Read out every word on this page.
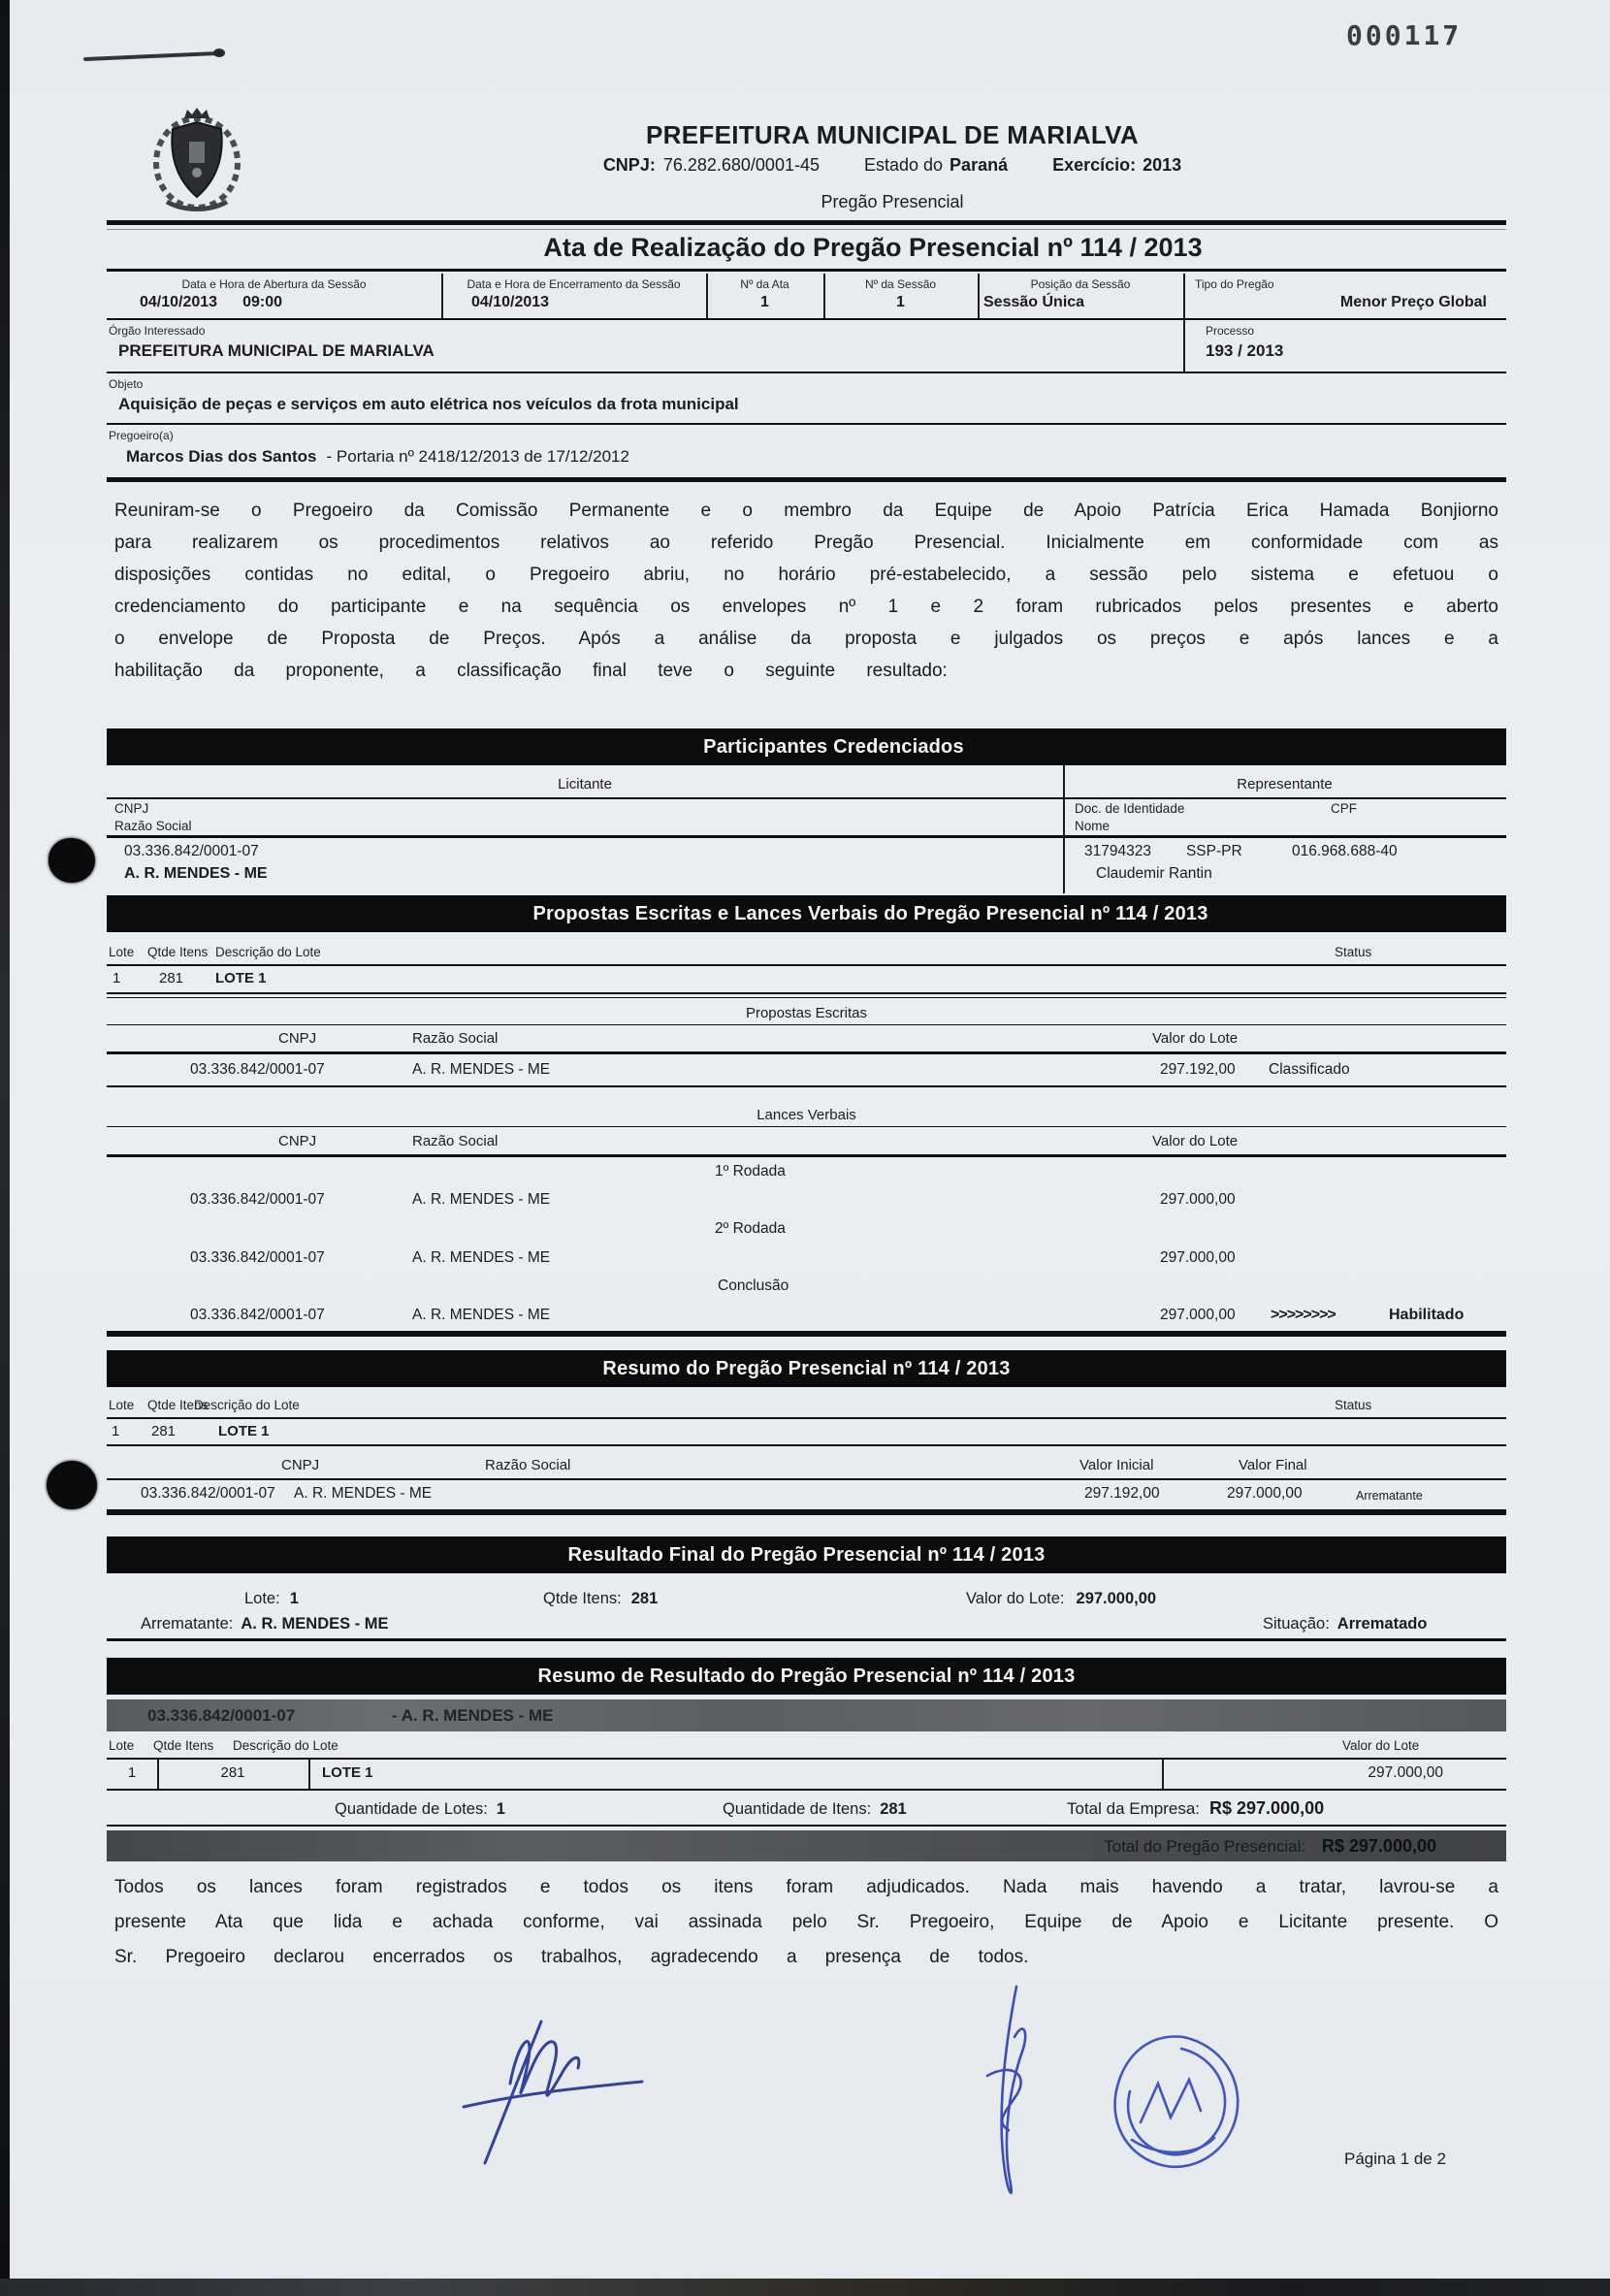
000117
PREFEITURA MUNICIPAL DE MARIALVA
CNPJ: 76.282.680/0001-45	Estado do Paraná	Exercício: 2013
Pregão Presencial
Ata de Realização do Pregão Presencial nº 114 / 2013
Data e Hora de Abertura da Sessão	Data e Hora de Encerramento da Sessão	Nº da Ata	Nº da Sessão	Posição da Sessão	Tipo do Pregão
04/10/2013 09:00	04/10/2013	1	1	Sessão Única	Menor Preço Global
Órgão Interessado
PREFEITURA MUNICIPAL DE MARIALVA
Processo
193 / 2013
Objeto
Aquisição de peças e serviços em auto elétrica nos veículos da frota municipal
Pregoeiro(a)
Marcos Dias dos Santos - Portaria nº 2418/12/2013 de 17/12/2012
Reuniram-se o Pregoeiro da Comissão Permanente e o membro da Equipe de Apoio Patrícia Erica Hamada Bonjiorno para realizarem os procedimentos relativos ao referido Pregão Presencial. Inicialmente em conformidade com as disposições contidas no edital, o Pregoeiro abriu, no horário pré-estabelecido, a sessão pelo sistema e efetuou o credenciamento do participante e na sequência os envelopes nº 1 e 2 foram rubricados pelos presentes e aberto o envelope de Proposta de Preços. Após a análise da proposta e julgados os preços e após lances e a habilitação da proponente, a classificação final teve o seguinte resultado:
Participantes Credenciados
Licitante	Representante
CNPJ
Razão Social
Doc. de Identidade	CPF
Nome
03.336.842/0001-07
A. R. MENDES - ME
31794323 SSP-PR	016.968.688-40
Claudemir Rantin
Propostas Escritas e Lances Verbais do Pregão Presencial nº 114 / 2013
Lote Qtde Itens Descrição do Lote	Status
1	281 LOTE 1
Propostas Escritas
CNPJ	Razão Social	Valor do Lote
03.336.842/0001-07	A. R. MENDES - ME	297.192,00 Classificado
Lances Verbais
CNPJ	Razão Social	Valor do Lote
1º Rodada
03.336.842/0001-07	A. R. MENDES - ME	297.000,00
2º Rodada
03.336.842/0001-07	A. R. MENDES - ME	297.000,00
Conclusão
03.336.842/0001-07	A. R. MENDES - ME	297.000,00 >>>>>>>>	Habilitado
Resumo do Pregão Presencial nº 114 / 2013
Lote Qtde Itens
Descrição do Lote	Status
1 281	LOTE 1
CNPJ	Razão Social	Valor Inicial	Valor Final
03.336.842/0001-07 A. R. MENDES - ME	297.192,00	297.000,00	Arrematante
Resultado Final do Pregão Presencial nº 114 / 2013
Lote: 1	Qtde Itens: 281	Valor do Lote: 297.000,00
Arrematante: A. R. MENDES - ME	Situação: Arrematado
Resumo de Resultado do Pregão Presencial nº 114 / 2013
03.336.842/0001-07	- A. R. MENDES - ME
Lote Qtde Itens Descrição do Lote	Valor do Lote
1	281	LOTE 1	297.000,00
Quantidade de Lotes: 1	Quantidade de Itens: 281	Total da Empresa: R$ 297.000,00
Total do Pregão Presencial: R$ 297.000,00
Todos os lances foram registrados e todos os itens foram adjudicados. Nada mais havendo a tratar, lavrou-se a presente Ata que lida e achada conforme, vai assinada pelo Sr. Pregoeiro, Equipe de Apoio e Licitante presente. O Sr. Pregoeiro declarou encerrados os trabalhos, agradecendo a presença de todos.
Página 1 de 2
